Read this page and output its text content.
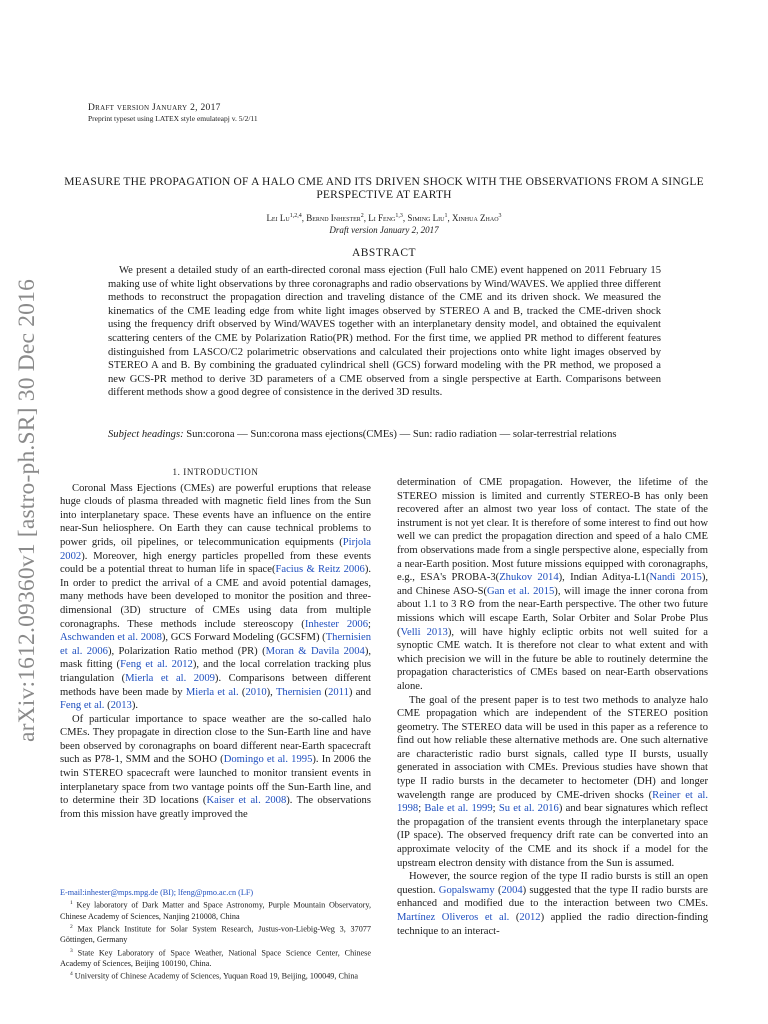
arXiv:1612.09360v1 [astro-ph.SR] 30 Dec 2016
Draft version January 2, 2017
Preprint typeset using LATEX style emulateapj v. 5/2/11
MEASURE THE PROPAGATION OF A HALO CME AND ITS DRIVEN SHOCK WITH THE OBSERVATIONS FROM A SINGLE PERSPECTIVE AT EARTH
Lei Lu$^{1,2,4}$, Bernd Inhester$^2$, Li Feng$^{1,3}$, Siming Liu$^1$, Xinhua Zhao$^3$
Draft version January 2, 2017
ABSTRACT
We present a detailed study of an earth-directed coronal mass ejection (Full halo CME) event happened on 2011 February 15 making use of white light observations by three coronagraphs and radio observations by Wind/WAVES. We applied three different methods to reconstruct the propagation direction and traveling distance of the CME and its driven shock. We measured the kinematics of the CME leading edge from white light images observed by STEREO A and B, tracked the CME-driven shock using the frequency drift observed by Wind/WAVES together with an interplanetary density model, and obtained the equivalent scattering centers of the CME by Polarization Ratio(PR) method. For the first time, we applied PR method to different features distinguished from LASCO/C2 polarimetric observations and calculated their projections onto white light images observed by STEREO A and B. By combining the graduated cylindrical shell (GCS) forward modeling with the PR method, we proposed a new GCS-PR method to derive 3D parameters of a CME observed from a single perspective at Earth. Comparisons between different methods show a good degree of consistence in the derived 3D results.
Subject headings: Sun:corona — Sun:corona mass ejections(CMEs) — Sun: radio radiation — solar-terrestrial relations
1. INTRODUCTION

Coronal Mass Ejections (CMEs) are powerful eruptions that release huge clouds of plasma threaded with magnetic field lines from the Sun into interplanetary space. These events have an influence on the entire near-Sun heliosphere. On Earth they can cause technical problems to power grids, oil pipelines, or telecommunication equipments (Pirjola 2002). Moreover, high energy particles propelled from these events could be a potential threat to human life in space(Facius & Reitz 2006). In order to predict the arrival of a CME and avoid potential damages, many methods have been developed to monitor the position and three-dimensional (3D) structure of CMEs using data from multiple coronagraphs. These methods include stereoscopy (Inhester 2006; Aschwanden et al. 2008), GCS Forward Modeling (GCSFM) (Thernisien et al. 2006), Polarization Ratio method (PR) (Moran & Davila 2004), mask fitting (Feng et al. 2012), and the local correlation tracking plus triangulation (Mierla et al. 2009). Comparisons between different methods have been made by Mierla et al. (2010), Thernisien (2011) and Feng et al. (2013).

Of particular importance to space weather are the so-called halo CMEs. They propagate in direction close to the Sun-Earth line and have been observed by coronagraphs on board different near-Earth spacecraft such as P78-1, SMM and the SOHO (Domingo et al. 1995). In 2006 the twin STEREO spacecraft were launched to monitor transient events in interplanetary space from two vantage points off the Sun-Earth line, and to determine their 3D locations (Kaiser et al. 2008). The observations from this mission have greatly improved the

determination of CME propagation. However, the lifetime of the STEREO mission is limited and currently STEREO-B has only been recovered after an almost two year loss of contact. The state of the instrument is not yet clear. It is therefore of some interest to find out how well we can predict the propagation direction and speed of a halo CME from observations made from a single perspective alone, especially from a near-Earth position. Most future missions equipped with coronagraphs, e.g., ESA's PROBA-3(Zhukov 2014), Indian Aditya-L1(Nandi 2015), and Chinese ASO-S(Gan et al. 2015), will image the inner corona from about 1.1 to 3 R⊙ from the near-Earth perspective. The other two future missions which will escape Earth, Solar Orbiter and Solar Probe Plus (Velli 2013), will have highly ecliptic orbits not well suited for a synoptic CME watch. It is therefore not clear to what extent and with which precision we will in the future be able to routinely determine the propagation characteristics of CMEs based on near-Earth observations alone.

The goal of the present paper is to test two methods to analyze halo CME propagation which are independent of the STEREO position geometry. The STEREO data will be used in this paper as a reference to find out how reliable these alternative methods are. One such alternative are characteristic radio burst signals, called type II bursts, usually generated in association with CMEs. Previous studies have shown that type II radio bursts in the decameter to hectometer (DH) and longer wavelength range are produced by CME-driven shocks (Reiner et al. 1998; Bale et al. 1999; Su et al. 2016) and bear signatures which reflect the propagation of the transient events through the interplanetary space (IP space). The observed frequency drift rate can be converted into an approximate velocity of the CME and its shock if a model for the upstream electron density with distance from the Sun is assumed.

However, the source region of the type II radio bursts is still an open question. Gopalswamy (2004) suggested that the type II radio bursts are enhanced and modified due to the interaction between two CMEs. Martínez Oliveros et al. (2012) applied the radio direction-finding technique to an interact-

E-mail:inhester@mps.mpg.de (BI); lfeng@pmo.ac.cn (LF)

$^1$ Key laboratory of Dark Matter and Space Astronomy, Purple Mountain Observatory, Chinese Academy of Sciences, Nanjing 210008, China

$^2$ Max Planck Institute for Solar System Research, Justus-von-Liebig-Weg 3, 37077 Göttingen, Germany

$^3$ State Key Laboratory of Space Weather, National Space Science Center, Chinese Academy of Sciences, Beijing 100190, China.

$^4$ University of Chinese Academy of Sciences, Yuquan Road 19, Beijing, 100049, China
